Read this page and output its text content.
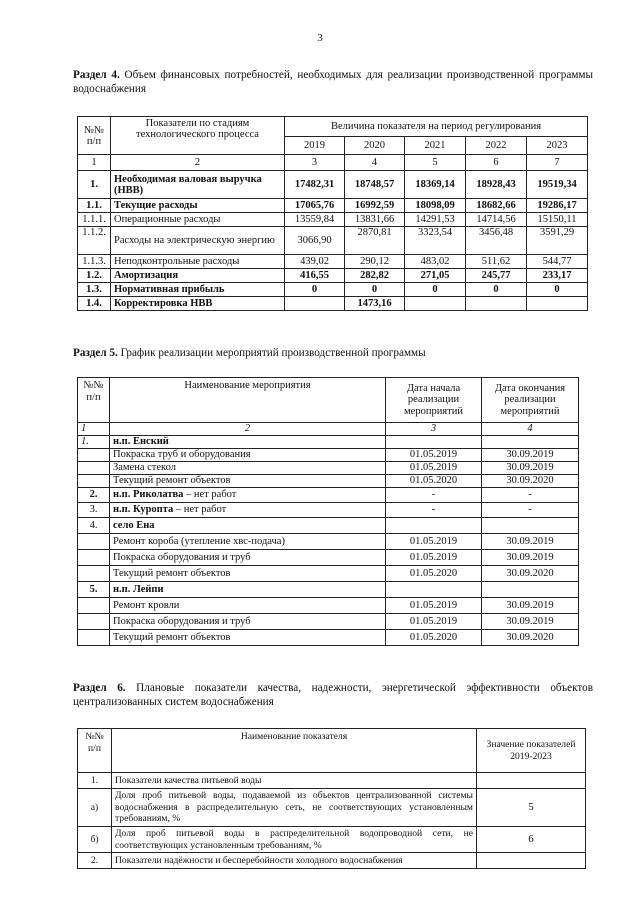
3
Раздел 4. Объем финансовых потребностей, необходимых для реализации производственной программы водоснабжения
№№ п/п	Показатели по стадиям технологического процесса	Величина показателя на период регулирования				
		2019	2020	2021	2022	2023
1	2	3	4	5	6	7
1.	Необходимая валовая выручка (НВВ)	17482,31	18748,57	18369,14	18928,43	19519,34
1.1.	Текущие расходы	17065,76	16992,59	18098,09	18682,66	19286,17
1.1.1.	Операционные расходы	13559,84	13831,66	14291,53	14714,56	15150,11
1.1.2.	Расходы на электрическую энергию	3066,90	2870,81	3323,54	3456,48	3591,29
1.1.3.	Неподконтрольные расходы	439,02	290,12	483,02	511,62	544,77
1.2.	Амортизация	416,55	282,82	271,05	245,77	233,17
1.3.	Нормативная прибыль	0	0	0	0	0
1.4.	Корректировка НВВ		1473,16			
Раздел 5. График реализации мероприятий производственной программы
№№ п/п	Наименование мероприятия	Дата начала реализации мероприятий	Дата окончания реализации мероприятий
1	2	3	4
1.	н.п. Енский		
	Покраска труб и оборудования	01.05.2019	30.09.2019
	Замена стекол	01.05.2019	30.09.2019
	Текущий ремонт объектов	01.05.2020	30.09.2020
2.	н.п. Риколатва – нет работ	-	-
3.	н.п. Куропта – нет работ	-	-
4.	село Ена		
	Ремонт короба (утепление хвс-подача)	01.05.2019	30.09.2019
	Покраска оборудования и труб	01.05.2019	30.09.2019
	Текущий ремонт объектов	01.05.2020	30.09.2020
5.	н.п. Лейпи		
	Ремонт кровли	01.05.2019	30.09.2019
	Покраска оборудования и труб	01.05.2019	30.09.2019
	Текущий ремонт объектов	01.05.2020	30.09.2020
Раздел 6. Плановые показатели качества, надежности, энергетической эффективности объектов централизованных систем водоснабжения
№№ п/п	Наименование показателя	Значение показателей 2019-2023
1.	Показатели качества питьевой воды	
а)	Доля проб питьевой воды, подаваемой из объектов централизованной системы водоснабжения в распределительную сеть, не соответствующих установленным требованиям, %	5
б)	Доля проб питьевой воды в распределительной водопроводной сети, не соответствующих установленным требованиям, %	6
2.	Показатели надёжности и бесперебойности холодного водоснабжения	
